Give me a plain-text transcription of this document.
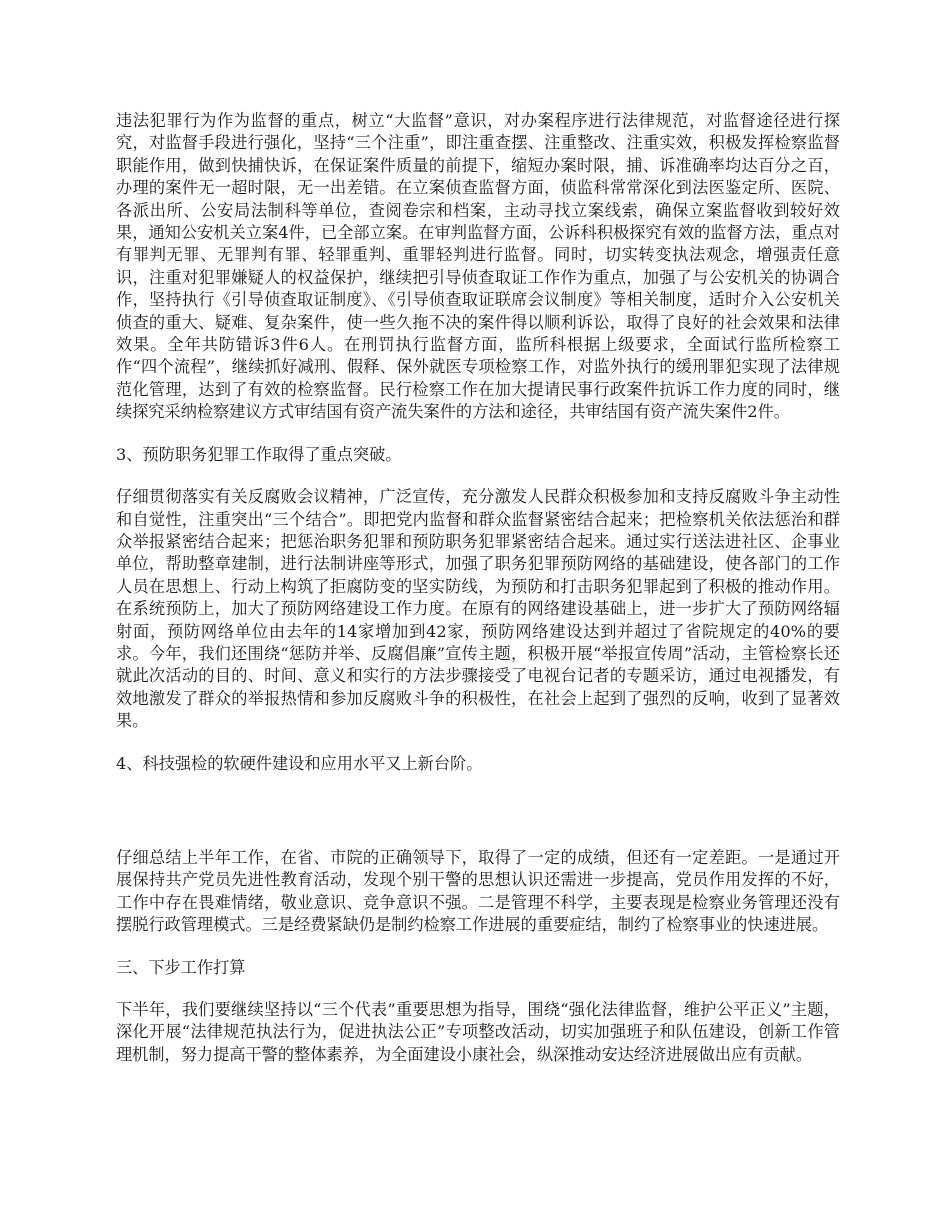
违法犯罪行为作为监督的重点，树立“大监督”意识，对办案程序进行法律规范，对监督途径进行探究，对监督手段进行强化，坚持“三个注重”，即注重查摆、注重整改、注重实效，积极发挥检察监督职能作用，做到快捕快诉，在保证案件质量的前提下，缩短办案时限，捕、诉准确率均达百分之百，办理的案件无一超时限，无一出差错。在立案侦查监督方面，侦监科常常深化到法医鉴定所、医院、各派出所、公安局法制科等单位，查阅卷宗和档案，主动寻找立案线索，确保立案监督收到较好效果，通知公安机关立案4件，已全部立案。在审判监督方面，公诉科积极探究有效的监督方法，重点对有罪判无罪、无罪判有罪、轻罪重判、重罪轻判进行监督。同时，切实转变执法观念，增强责任意识，注重对犯罪嫌疑人的权益保护，继续把引导侦查取证工作作为重点，加强了与公安机关的协调合作，坚持执行《引导侦查取证制度》、《引导侦查取证联席会议制度》等相关制度，适时介入公安机关侦查的重大、疑难、复杂案件，使一些久拖不决的案件得以顺利诉讼，取得了良好的社会效果和法律效果。全年共防错诉3件6人。在刑罚执行监督方面，监所科根据上级要求，全面试行监所检察工作“四个流程”，继续抓好减刑、假释、保外就医专项检察工作，对监外执行的缓刑罪犯实现了法律规范化管理，达到了有效的检察监督。民行检察工作在加大提请民事行政案件抗诉工作力度的同时，继续探究采纳检察建议方式审结国有资产流失案件的方法和途径，共审结国有资产流失案件2件。

3、预防职务犯罪工作取得了重点突破。

仔细贯彻落实有关反腐败会议精神，广泛宣传，充分激发人民群众积极参加和支持反腐败斗争主动性和自觉性，注重突出“三个结合”。即把党内监督和群众监督紧密结合起来；把检察机关依法惩治和群众举报紧密结合起来；把惩治职务犯罪和预防职务犯罪紧密结合起来。通过实行送法进社区、企事业单位，帮助整章建制，进行法制讲座等形式，加强了职务犯罪预防网络的基础建设，使各部门的工作人员在思想上、行动上构筑了拒腐防变的坚实防线，为预防和打击职务犯罪起到了积极的推动作用。在系统预防上，加大了预防网络建设工作力度。在原有的网络建设基础上，进一步扩大了预防网络辐射面，预防网络单位由去年的14家增加到42家，预防网络建设达到并超过了省院规定的40%的要求。今年，我们还围绕“惩防并举、反腐倡廉”宣传主题，积极开展“举报宣传周”活动，主管检察长还就此次活动的目的、时间、意义和实行的方法步骤接受了电视台记者的专题采访，通过电视播发，有效地激发了群众的举报热情和参加反腐败斗争的积极性，在社会上起到了强烈的反响，收到了显著效果。

4、科技强检的软硬件建设和应用水平又上新台阶。

仔细总结上半年工作，在省、市院的正确领导下，取得了一定的成绩，但还有一定差距。一是通过开展保持共产党员先进性教育活动，发现个别干警的思想认识还需进一步提高，党员作用发挥的不好，工作中存在畏难情绪，敬业意识、竞争意识不强。二是管理不科学，主要表现是检察业务管理还没有摆脱行政管理模式。三是经费紧缺仍是制约检察工作进展的重要症结，制约了检察事业的快速进展。

三、下步工作打算

下半年，我们要继续坚持以“三个代表”重要思想为指导，围绕“强化法律监督，维护公平正义”主题，深化开展“法律规范执法行为，促进执法公正”专项整改活动，切实加强班子和队伍建设，创新工作管理机制，努力提高干警的整体素养，为全面建设小康社会，纵深推动安达经济进展做出应有贡献。
